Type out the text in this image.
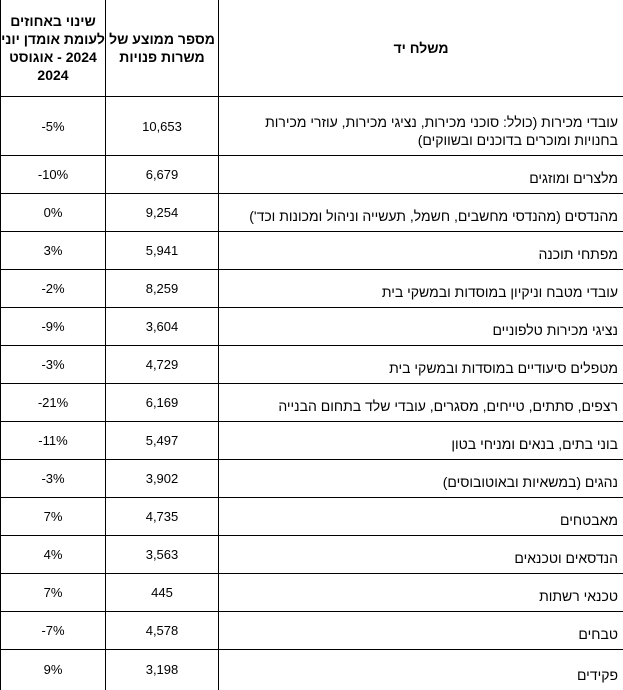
שינוי באחוזים לעומת אומדן יוני 2024 - אוגוסט 2024	מספר ממוצע של משרות פנויות	משלח יד
-5%	10,653	עובדי מכירות (כולל: סוכני מכירות, נציגי מכירות, עוזרי מכירות בחנויות ומוכרים בדוכנים ובשווקים)
-10%	6,679	מלצרים ומוזגים
0%	9,254	מהנדסים (מהנדסי מחשבים, חשמל, תעשייה וניהול ומכונות וכד')
3%	5,941	מפתחי תוכנה
-2%	8,259	עובדי מטבח וניקיון במוסדות ובמשקי בית
-9%	3,604	נציגי מכירות טלפוניים
-3%	4,729	מטפלים סיעודיים במוסדות ובמשקי בית
-21%	6,169	רצפים, סתתים, טייחים, מסגרים, עובדי שלד בתחום הבנייה
-11%	5,497	בוני בתים, בנאים ומניחי בטון
-3%	3,902	נהגים (במשאיות ובאוטובוסים)
7%	4,735	מאבטחים
4%	3,563	הנדסאים וטכנאים
7%	445	טכנאי רשתות
-7%	4,578	טבחים
9%	3,198	פקידים
